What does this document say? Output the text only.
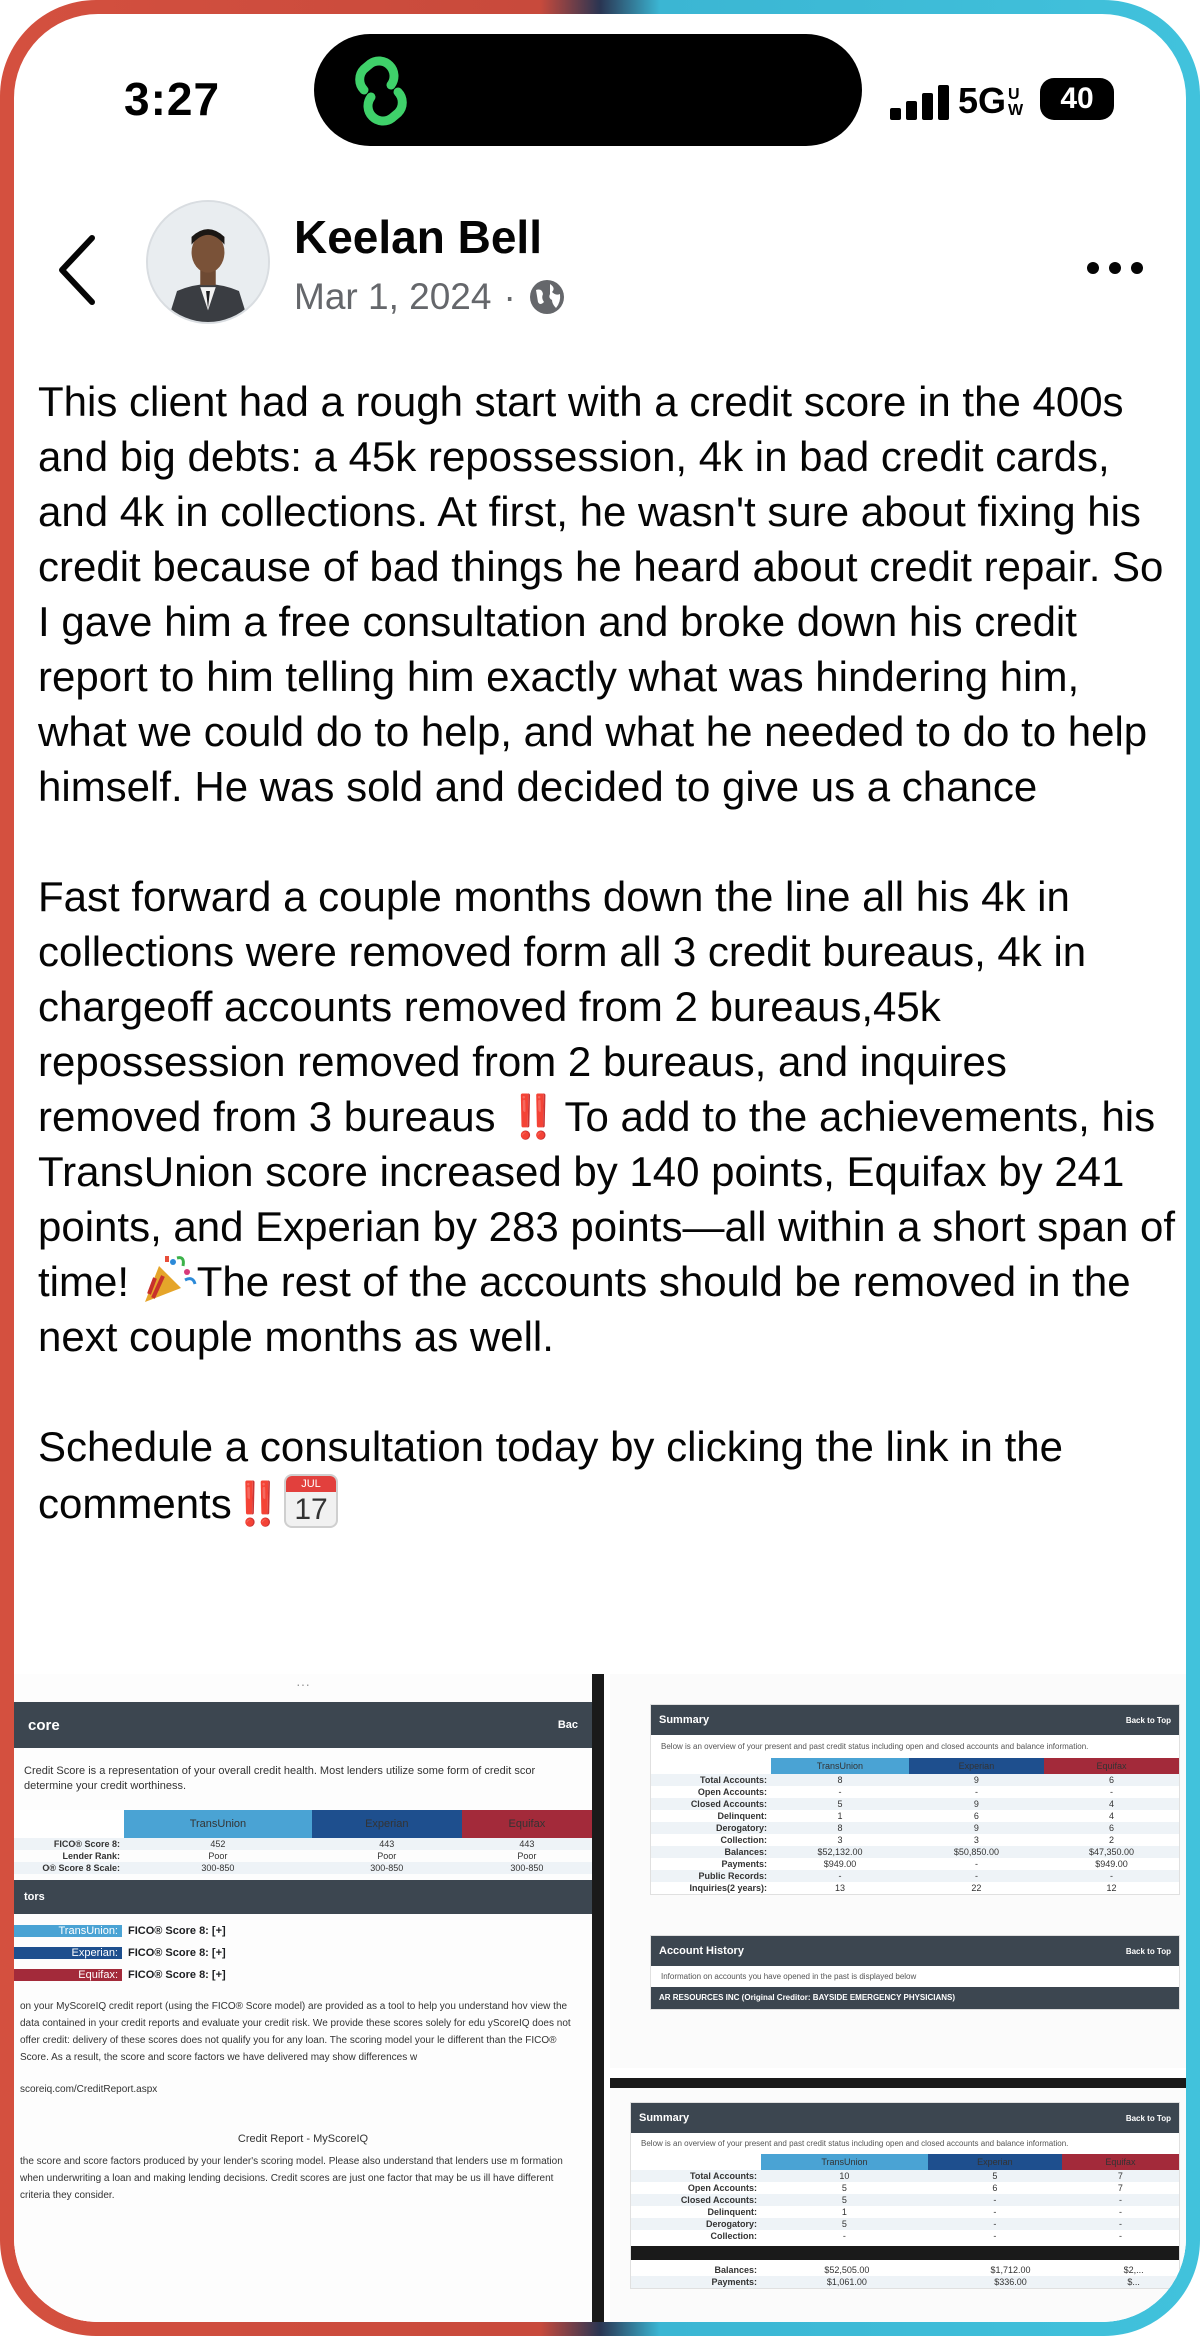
3:27	5G UW	40
Keelan Bell
Mar 1, 2024 ·

This client had a rough start with a credit score in the 400s and big debts: a 45k repossession, 4k in bad credit cards, and 4k in collections. At first, he wasn't sure about fixing his credit because of bad things he heard about credit repair. So I gave him a free consultation and broke down his credit report to him telling him exactly what was hindering him, what we could do to help, and what he needed to do to help himself. He was sold and decided to give us a chance

Fast forward a couple months down the line all his 4k in collections were removed form all 3 credit bureaus, 4k in chargeoff accounts removed from 2 bureaus,45k repossession removed from 2 bureaus, and inquires removed from 3 bureaus ‼️ To add to the achievements, his TransUnion score increased by 140 points, Equifax by 241 points, and Experian by 283 points—all within a short span of time! The rest of the accounts should be removed in the next couple months as well.

Schedule a consultation today by clicking the link in the comments‼️	JUL
17

···
core	Bac
Credit Score is a representation of your overall credit health. Most lenders utilize some form of credit scor
determine your credit worthiness.
	TransUnion	Experian	Equifax
FICO® Score 8:	452	443	443
Lender Rank:	Poor	Poor	Poor
O® Score 8 Scale:	300-850	300-850	300-850
tors
TransUnion: FICO® Score 8: [+]
Experian: FICO® Score 8: [+]
Equifax: FICO® Score 8: [+]
on your MyScoreIQ credit report (using the FICO® Score model) are provided as a tool to help you understand hov view the data contained in your credit reports and evaluate your credit risk. We provide these scores solely for edu yScoreIQ does not offer credit: delivery of these scores does not qualify you for any loan. The scoring model your le different than the FICO® Score. As a result, the score and score factors we have delivered may show differences w
scoreiq.com/CreditReport.aspx
Credit Report - MyScoreIQ
the score and score factors produced by your lender's scoring model. Please also understand that lenders use m formation when underwriting a loan and making lending decisions. Credit scores are just one factor that may be us ill have different criteria they consider.
Summary	Back to Top
Below is an overview of your present and past credit status including open and closed accounts and balance information.
	TransUnion	Experian	Equifax
Total Accounts:	8	9	6
Open Accounts:	-	-	-
Closed Accounts:	5	9	4
Delinquent:	1	6	4
Derogatory:	8	9	6
Collection:	3	3	2
Balances:	$52,132.00	$50,850.00	$47,350.00
Payments:	$949.00	-	$949.00
Public Records:	-	-	-
Inquiries(2 years):	13	22	12
Account History	Back to Top
Information on accounts you have opened in the past is displayed below
AR RESOURCES INC (Original Creditor: BAYSIDE EMERGENCY PHYSICIANS)
Summary	Back to Top
Below is an overview of your present and past credit status including open and closed accounts and balance information.
	TransUnion	Experian	Equifax
Total Accounts:	10	5	7
Open Accounts:	5	6	7
Closed Accounts:	5	-	-
Delinquent:	1	-	-
Derogatory:	5	-	-
Collection:	-	-	-
Balances:	$52,505.00	$1,712.00	$2,...
Payments:	$1,061.00	$336.00	$...
